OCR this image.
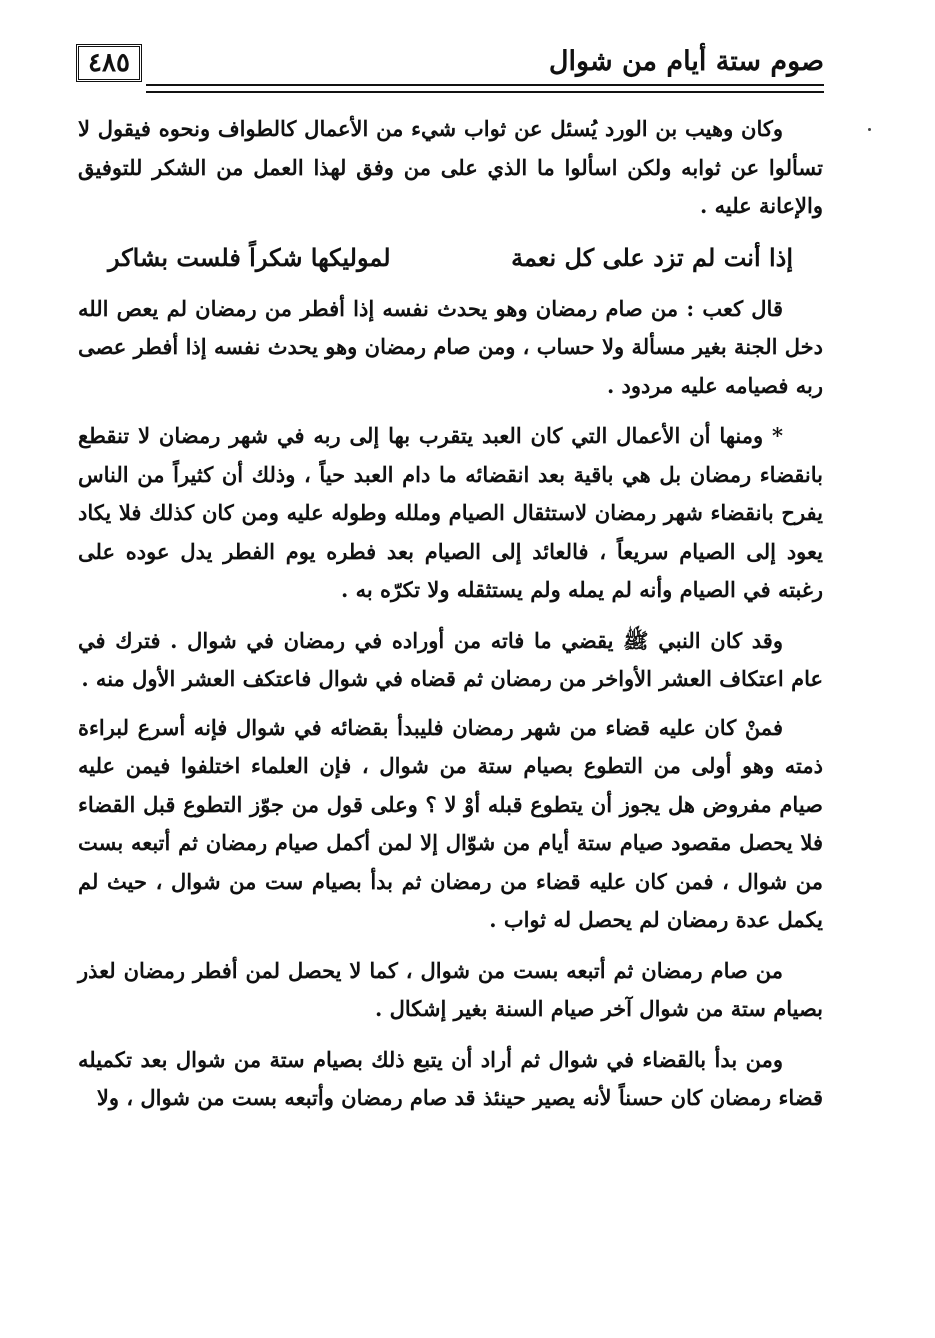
٤٨٥	صوم ستة أيام من شوال

وكان وهيب بن الورد يُسئل عن ثواب شيء من الأعمال كالطواف ونحوه فيقول لا تسألوا عن ثوابه ولكن اسألوا ما الذي على من وفق لهذا العمل من الشكر للتوفيق والإعانة عليه .

إذا أنت لم تزد على كل نعمة
لموليكها شكراً فلست بشاكر

قال كعب : من صام رمضان وهو يحدث نفسه إذا أفطر من رمضان لم يعص الله دخل الجنة بغير مسألة ولا حساب ، ومن صام رمضان وهو يحدث نفسه إذا أفطر عصى ربه فصيامه عليه مردود .

* ومنها أن الأعمال التي كان العبد يتقرب بها إلى ربه في شهر رمضان لا تنقطع بانقضاء رمضان بل هي باقية بعد انقضائه ما دام العبد حياً ، وذلك أن كثيراً من الناس يفرح بانقضاء شهر رمضان لاستثقال الصيام وملله وطوله عليه ومن كان كذلك فلا يكاد يعود إلى الصيام سريعاً ، فالعائد إلى الصيام بعد فطره يوم الفطر يدل عوده على رغبته في الصيام وأنه لم يمله ولم يستثقله ولا تكرّه به .

وقد كان النبي ﷺ يقضي ما فاته من أوراده في رمضان في شوال . فترك في عام اعتكاف العشر الأواخر من رمضان ثم قضاه في شوال فاعتكف العشر الأول منه .

فمنْ كان عليه قضاء من شهر رمضان فليبدأ بقضائه في شوال فإنه أسرع لبراءة ذمته وهو أولى من التطوع بصيام ستة من شوال ، فإن العلماء اختلفوا فيمن عليه صيام مفروض هل يجوز أن يتطوع قبله أوْ لا ؟ وعلى قول من جوّز التطوع قبل القضاء فلا يحصل مقصود صيام ستة أيام من شوّال إلا لمن أكمل صيام رمضان ثم أتبعه بست من شوال ، فمن كان عليه قضاء من رمضان ثم بدأ بصيام ست من شوال ، حيث لم يكمل عدة رمضان لم يحصل له ثواب .

من صام رمضان ثم أتبعه بست من شوال ، كما لا يحصل لمن أفطر رمضان لعذر بصيام ستة من شوال آخر صيام السنة بغير إشكال .

ومن بدأ بالقضاء في شوال ثم أراد أن يتبع ذلك بصيام ستة من شوال بعد تكميله قضاء رمضان كان حسناً لأنه يصير حينئذ قد صام رمضان وأتبعه بست من شوال ، ولا
